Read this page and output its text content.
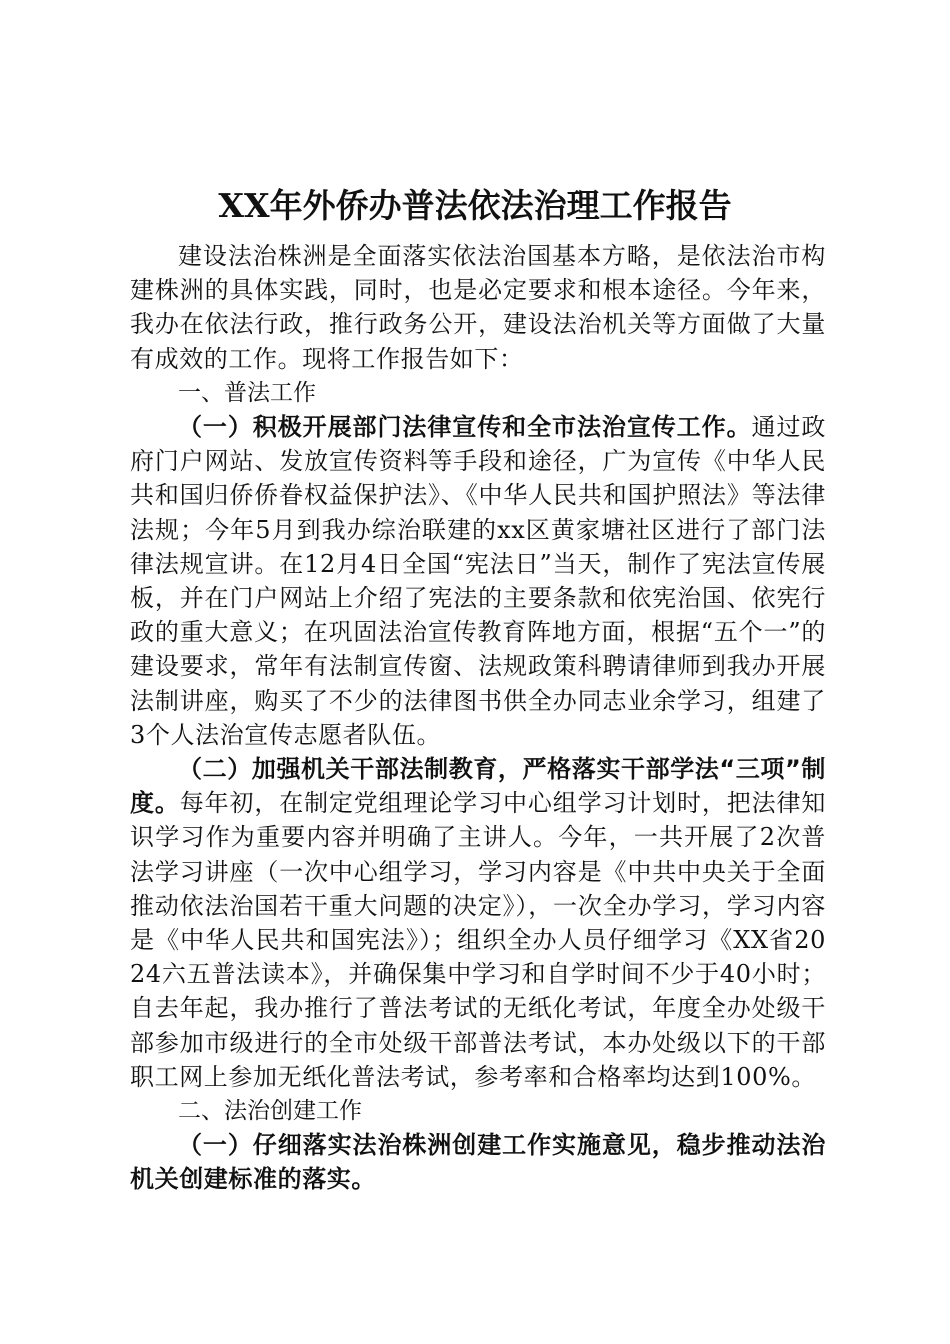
XX年外侨办普法依法治理工作报告

建设法治株洲是全面落实依法治国基本方略，是依法治市构建株洲的具体实践，同时，也是必定要求和根本途径。今年来，我办在依法行政，推行政务公开，建设法治机关等方面做了大量有成效的工作。现将工作报告如下：

一、普法工作

（一）积极开展部门法律宣传和全市法治宣传工作。通过政府门户网站、发放宣传资料等手段和途径，广为宣传《中华人民共和国归侨侨眷权益保护法》、《中华人民共和国护照法》等法律法规；今年5月到我办综治联建的xx区黄家塘社区进行了部门法律法规宣讲。在12月4日全国“宪法日”当天，制作了宪法宣传展板，并在门户网站上介绍了宪法的主要条款和依宪治国、依宪行政的重大意义；在巩固法治宣传教育阵地方面，根据“五个一”的建设要求，常年有法制宣传窗、法规政策科聘请律师到我办开展法制讲座，购买了不少的法律图书供全办同志业余学习，组建了3个人法治宣传志愿者队伍。

（二）加强机关干部法制教育，严格落实干部学法“三项”制度。每年初，在制定党组理论学习中心组学习计划时，把法律知识学习作为重要内容并明确了主讲人。今年，一共开展了2次普法学习讲座（一次中心组学习，学习内容是《中共中央关于全面推动依法治国若干重大问题的决定》），一次全办学习，学习内容是《中华人民共和国宪法》）；组织全办人员仔细学习《XX省2024六五普法读本》，并确保集中学习和自学时间不少于40小时；自去年起，我办推行了普法考试的无纸化考试，年度全办处级干部参加市级进行的全市处级干部普法考试，本办处级以下的干部职工网上参加无纸化普法考试，参考率和合格率均达到100%。

二、法治创建工作

（一）仔细落实法治株洲创建工作实施意见，稳步推动法治机关创建标准的落实。
